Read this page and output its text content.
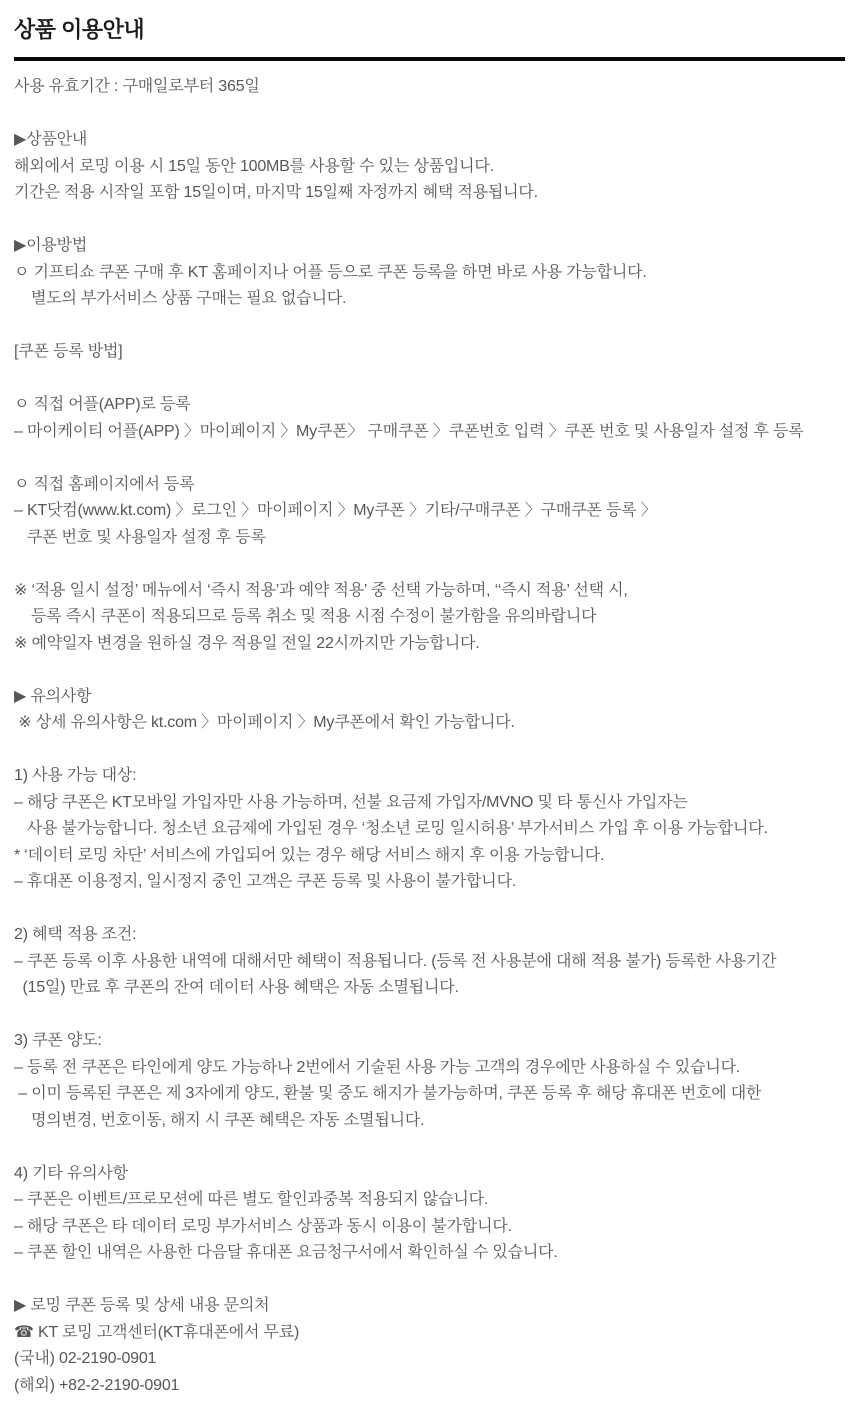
상품 이용안내
사용 유효기간 : 구매일로부터 365일
▶상품안내
해외에서 로밍 이용 시 15일 동안 100MB를 사용할 수 있는 상품입니다.
기간은 적용 시작일 포함 15일이며, 마지막 15일째 자정까지 혜택 적용됩니다.
▶이용방법
ㅇ 기프티쇼 쿠폰 구매 후 KT 홈페이지나 어플 등으로 쿠폰 등록을 하면 바로 사용 가능합니다.
별도의 부가서비스 상품 구매는 필요 없습니다.
[쿠폰 등록 방법]
ㅇ 직접 어플(APP)로 등록
– 마이케이티 어플(APP) 〉마이페이지 〉My쿠폰〉 구매쿠폰 〉쿠폰번호 입력 〉쿠폰 번호 및 사용일자 설정 후 등록
ㅇ 직접 홈페이지에서 등록
– KT닷컴(www.kt.com) 〉로그인 〉마이페이지 〉My쿠폰 〉기타/구매쿠폰 〉구매쿠폰 등록 〉
쿠폰 번호 및 사용일자 설정 후 등록
※ ‘적용 일시 설정’ 메뉴에서 ‘즉시 적용’과 예약 적용’ 중 선택 가능하며, ‘‘즉시 적용’ 선택 시,
등록 즉시 쿠폰이 적용되므로 등록 취소 및 적용 시점 수정이 불가함을 유의바랍니다
※ 예약일자 변경을 원하실 경우 적용일 전일 22시까지만 가능합니다.
▶ 유의사항
※ 상세 유의사항은 kt.com 〉마이페이지 〉My쿠폰에서 확인 가능합니다.
1) 사용 가능 대상:
– 해당 쿠폰은 KT모바일 가입자만 사용 가능하며, 선불 요금제 가입자/MVNO 및 타 통신사 가입자는
사용 불가능합니다. 청소년 요금제에 가입된 경우 ‘청소년 로밍 일시허용’ 부가서비스 가입 후 이용 가능합니다.
* ‘데이터 로밍 차단’ 서비스에 가입되어 있는 경우 해당 서비스 해지 후 이용 가능합니다.
– 휴대폰 이용정지, 일시정지 중인 고객은 쿠폰 등록 및 사용이 불가합니다.
2) 혜택 적용 조건:
– 쿠폰 등록 이후 사용한 내역에 대해서만 혜택이 적용됩니다. (등록 전 사용분에 대해 적용 불가) 등록한 사용기간
(15일) 만료 후 쿠폰의 잔여 데이터 사용 혜택은 자동 소멸됩니다.
3) 쿠폰 양도:
– 등록 전 쿠폰은 타인에게 양도 가능하나 2번에서 기술된 사용 가능 고객의 경우에만 사용하실 수 있습니다.
– 이미 등록된 쿠폰은 제 3자에게 양도, 환불 및 중도 해지가 불가능하며, 쿠폰 등록 후 해당 휴대폰 번호에 대한
명의변경, 번호이동, 해지 시 쿠폰 혜택은 자동 소멸됩니다.
4) 기타 유의사항
– 쿠폰은 이벤트/프로모션에 따른 별도 할인과중복 적용되지 않습니다.
– 해당 쿠폰은 타 데이터 로밍 부가서비스 상품과 동시 이용이 불가합니다.
– 쿠폰 할인 내역은 사용한 다음달 휴대폰 요금청구서에서 확인하실 수 있습니다.
▶ 로밍 쿠폰 등록 및 상세 내용 문의처
☎ KT 로밍 고객센터(KT휴대폰에서 무료)
(국내) 02-2190-0901
(해외) +82-2-2190-0901
